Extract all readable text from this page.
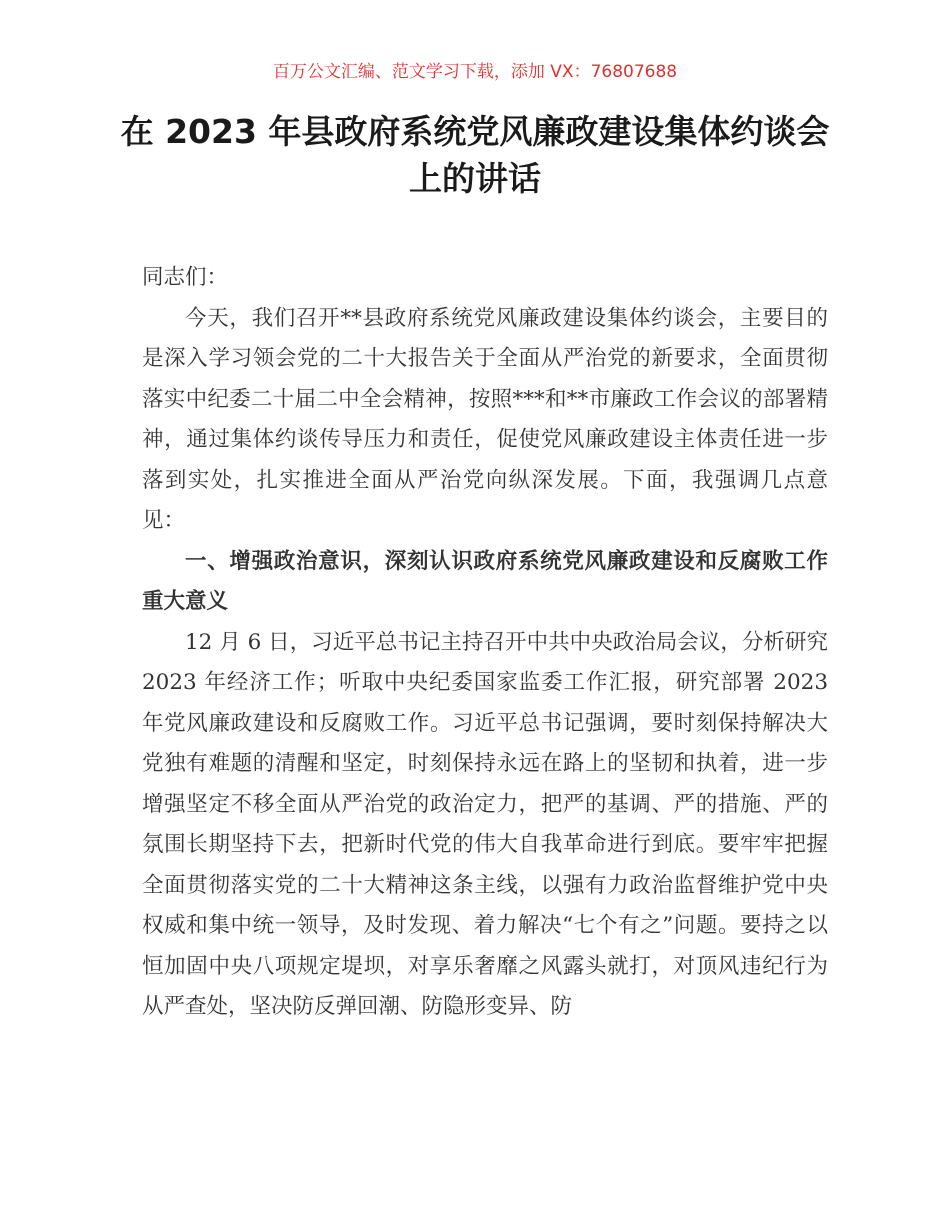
百万公文汇编、范文学习下载，添加 VX：76807688
在 2023 年县政府系统党风廉政建设集体约谈会上的讲话

同志们：

今天，我们召开**县政府系统党风廉政建设集体约谈会，主要目的是深入学习领会党的二十大报告关于全面从严治党的新要求，全面贯彻落实中纪委二十届二中全会精神，按照***和**市廉政工作会议的部署精神，通过集体约谈传导压力和责任，促使党风廉政建设主体责任进一步落到实处，扎实推进全面从严治党向纵深发展。下面，我强调几点意见：

一、增强政治意识，深刻认识政府系统党风廉政建设和反腐败工作重大意义

12 月 6 日，习近平总书记主持召开中共中央政治局会议，分析研究 2023 年经济工作；听取中央纪委国家监委工作汇报，研究部署 2023 年党风廉政建设和反腐败工作。习近平总书记强调，要时刻保持解决大党独有难题的清醒和坚定，时刻保持永远在路上的坚韧和执着，进一步增强坚定不移全面从严治党的政治定力，把严的基调、严的措施、严的氛围长期坚持下去，把新时代党的伟大自我革命进行到底。要牢牢把握全面贯彻落实党的二十大精神这条主线，以强有力政治监督维护党中央权威和集中统一领导，及时发现、着力解决“七个有之”问题。要持之以恒加固中央八项规定堤坝，对享乐奢靡之风露头就打，对顶风违纪行为从严查处，坚决防反弹回潮、防隐形变异、防
